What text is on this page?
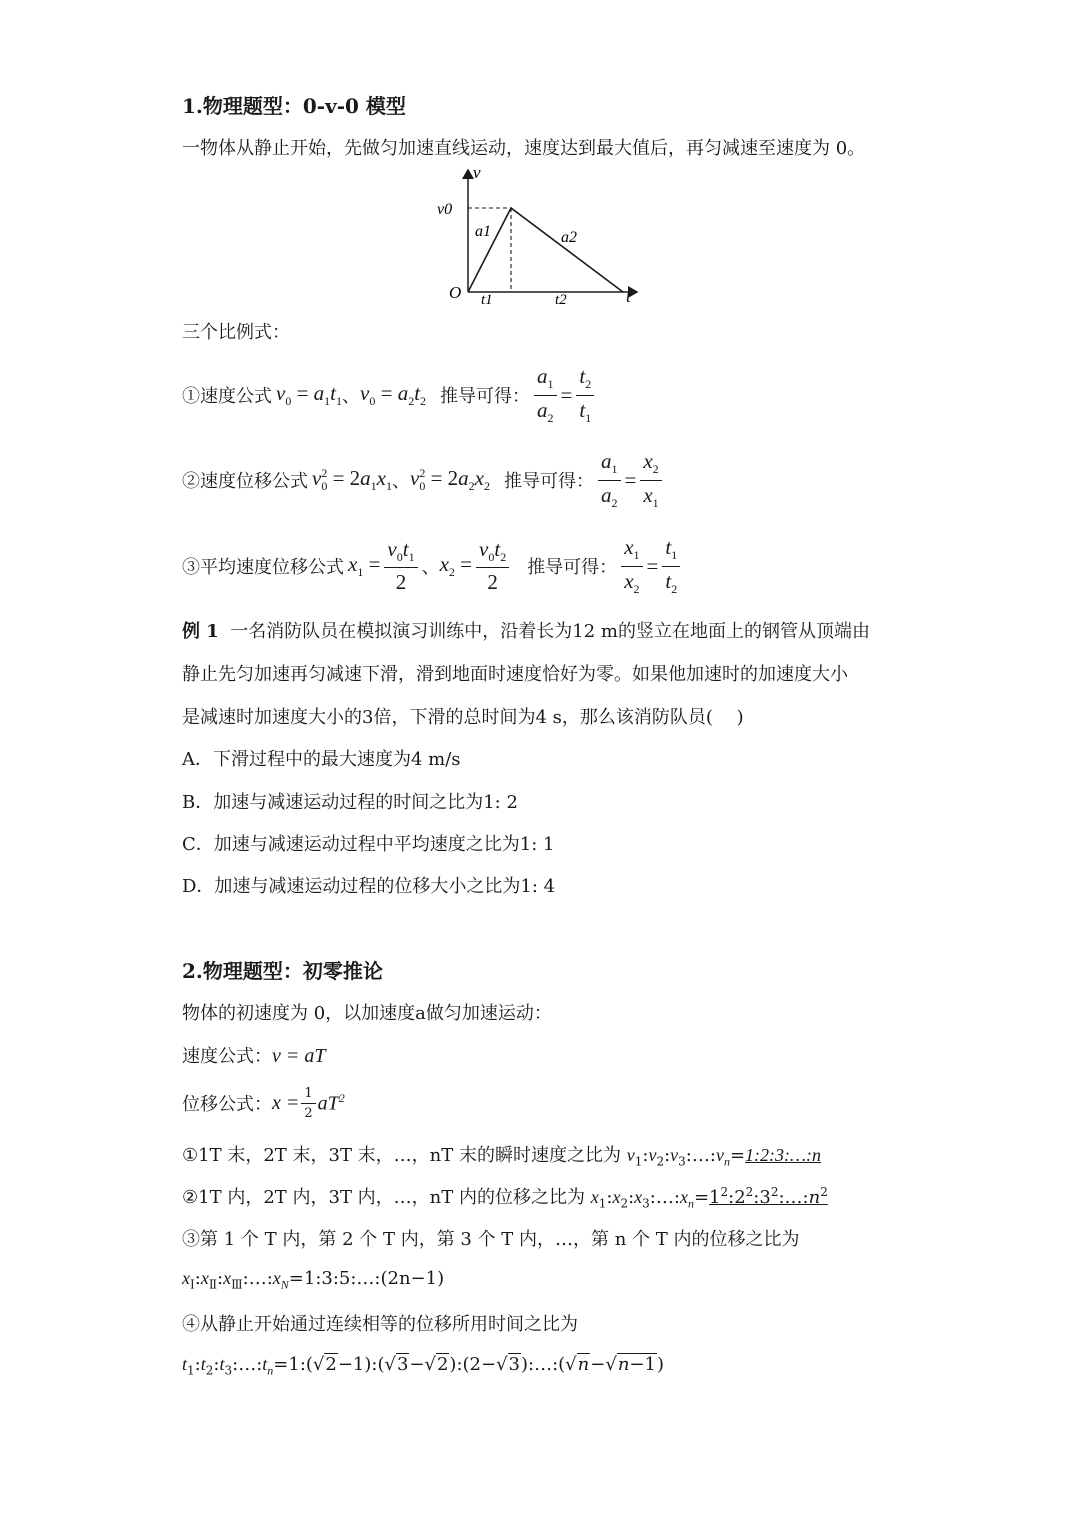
1.物理题型：0-v-0 模型
一物体从静止开始，先做匀加速直线运动，速度达到最大值后，再匀减速至速度为 0。
v
t
O
v0
a1	a2
t1	t2
三个比例式：
①速度公式 $v_0 = a_1t_1$ 、 $v_0 = a_2t_2$ 推导可得： $\frac{a_1}{a_2} = \frac{t_2}{t_1}$
②速度位移公式 $v_0^2 = 2a_1x_1$ 、 $v_0^2 = 2a_2x_2$ 推导可得： $\frac{a_1}{a_2} = \frac{x_2}{x_1}$
③平均速度位移公式 $x_1 = \frac{v_0t_1}{2}$ 、 $x_2 = \frac{v_0t_2}{2}$ 推导可得： $\frac{x_1}{x_2} = \frac{t_1}{t_2}$
例 1 一名消防队员在模拟演习训练中，沿着长为12 m的竖立在地面上的钢管从顶端由
静止先匀加速再匀减速下滑，滑到地面时速度恰好为零。如果他加速时的加速度大小
是减速时加速度大小的3倍，下滑的总时间为4 s，那么该消防队员(　 )
A．下滑过程中的最大速度为4 m/s
B．加速与减速运动过程的时间之比为1: 2
C．加速与减速运动过程中平均速度之比为1: 1
D．加速与减速运动过程的位移大小之比为1: 4
2.物理题型：初零推论
物体的初速度为 0，以加速度a做匀加速运动：
速度公式：v = aT
位移公式： $x = \frac{1}{2} aT^2$
①1T 末，2T 末，3T 末，…，nT 末的瞬时速度之比为 $v_1:v_2:v_3:\dots:v_n=1:2:3:\dots:n$
②1T 内，2T 内，3T 内，…，nT 内的位移之比为 $x_1:x_2:x_3:\dots:x_n=1^2:2^2:3^2:\dots:n^2$
③第 1 个 T 内，第 2 个 T 内，第 3 个 T 内，…，第 n 个 T 内的位移之比为
$x_Ⅰ:x_Ⅱ:x_Ⅲ:\dots:x_N=1:3:5:\dots:(2n-1)$
④从静止开始通过连续相等的位移所用时间之比为
$t_1:t_2:t_3:\dots:t_n=1:(√2-1):(√3-√2):(2-√3):\dots:(√n-√n-1)$
